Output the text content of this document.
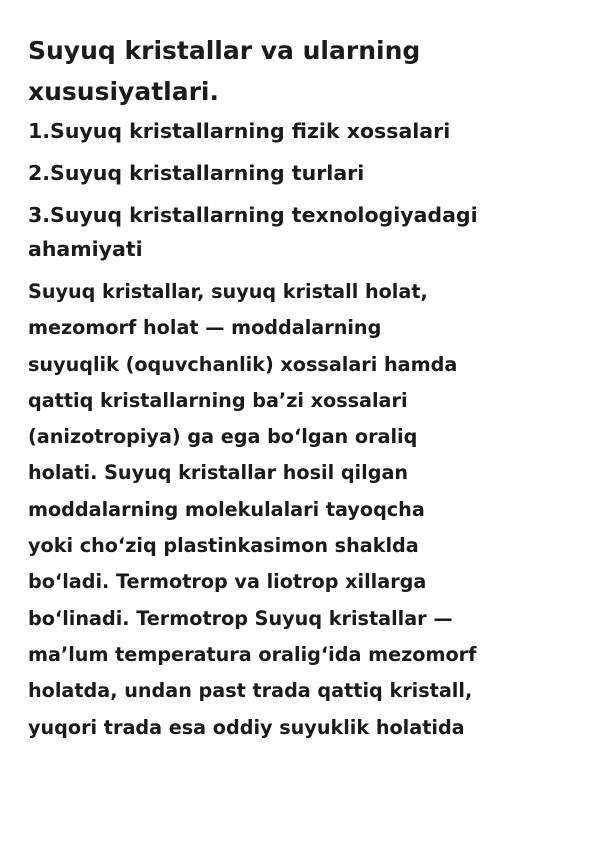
Suyuq kristallar va ularning
xususiyatlari.
1.Suyuq kristallarning fizik xossalari
2.Suyuq kristallarning turlari
3.Suyuq kristallarning texnologiyadagi
ahamiyati

Suyuq kristallar, suyuq kristall holat,
mezomorf holat — moddalarning
suyuqlik (oquvchanlik) xossalari hamda
qattiq kristallarning ba’zi xossalari
(anizotropiya) ga ega bo‘lgan oraliq
holati. Suyuq kristallar hosil qilgan
moddalarning molekulalari tayoqcha
yoki cho‘ziq plastinkasimon shaklda
bo‘ladi. Termotrop va liotrop xillarga
bo‘linadi. Termotrop Suyuq kristallar —
ma’lum temperatura oralig‘ida mezomorf
holatda, undan past trada qattiq kristall,
yuqori trada esa oddiy suyuklik holatida
